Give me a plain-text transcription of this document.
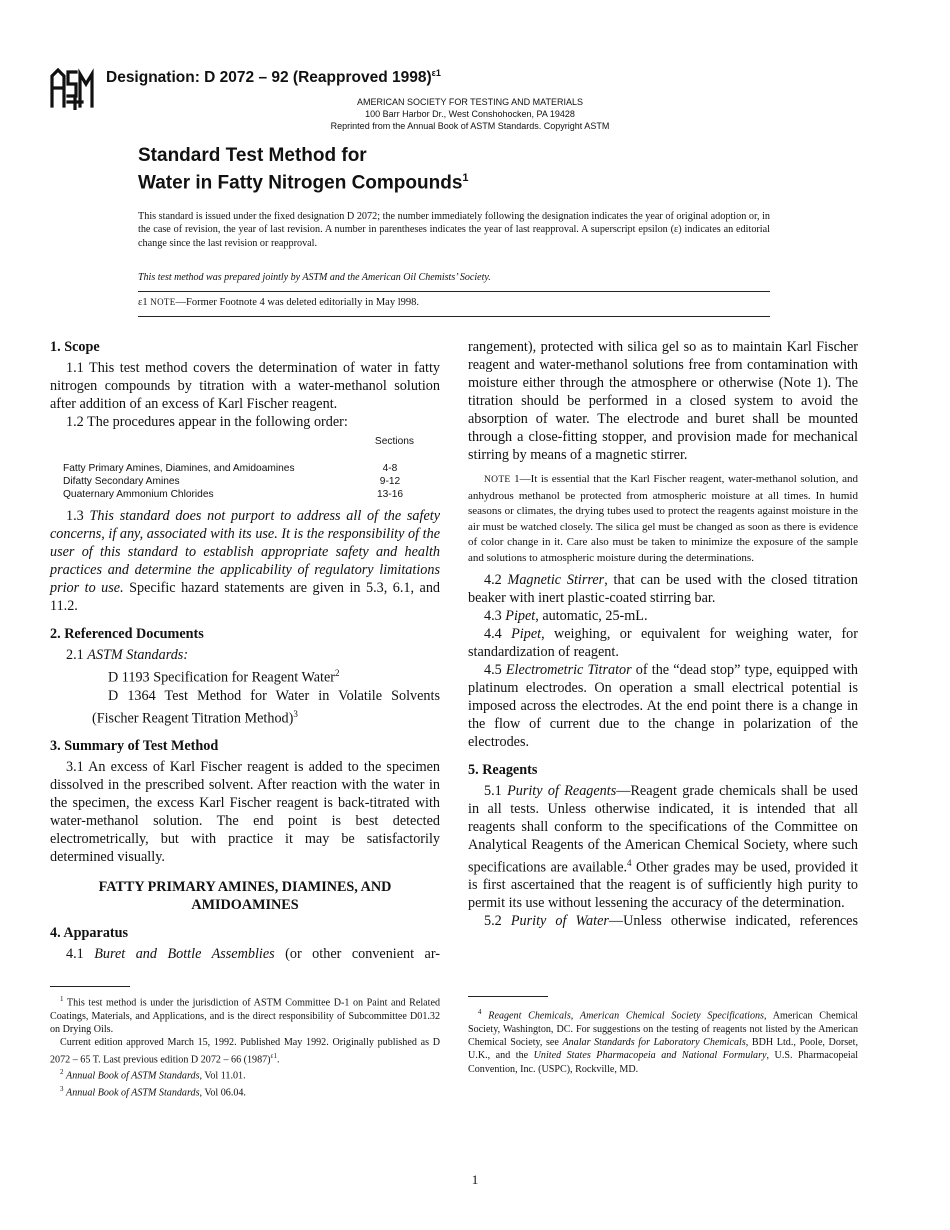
Designation: D 2072 – 92 (Reapproved 1998)$^{\varepsilon 1}$
AMERICAN SOCIETY FOR TESTING AND MATERIALS
100 Barr Harbor Dr., West Conshohocken, PA 19428
Reprinted from the Annual Book of ASTM Standards. Copyright ASTM
Standard Test Method for
Water in Fatty Nitrogen Compounds$^1$
This standard is issued under the fixed designation D 2072; the number immediately following the designation indicates the year of original adoption or, in the case of revision, the year of last revision. A number in parentheses indicates the year of last reapproval. A superscript epsilon (ε) indicates an editorial change since the last revision or reapproval.
This test method was prepared jointly by ASTM and the American Oil Chemists’ Society.
ε1 NOTE—Former Footnote 4 was deleted editorially in May l998.
1. Scope

1.1 This test method covers the determination of water in fatty nitrogen compounds by titration with a water-methanol solution after addition of an excess of Karl Fischer reagent.

1.2 The procedures appear in the following order:

Sections
Fatty Primary Amines, Diamines, and Amidoamines	4-8
Difatty Secondary Amines	9-12
Quaternary Ammonium Chlorides	13-16

1.3 This standard does not purport to address all of the safety concerns, if any, associated with its use. It is the responsibility of the user of this standard to establish appropriate safety and health practices and determine the applicability of regulatory limitations prior to use. Specific hazard statements are given in 5.3, 6.1, and 11.2.

2. Referenced Documents

2.1 ASTM Standards:

D 1193 Specification for Reagent Water$^2$

D 1364 Test Method for Water in Volatile Solvents (Fischer Reagent Titration Method)$^3$

3. Summary of Test Method

3.1 An excess of Karl Fischer reagent is added to the specimen dissolved in the prescribed solvent. After reaction with the water in the specimen, the excess Karl Fischer reagent is back-titrated with water-methanol solution. The end point is best detected electrometrically, but with practice it may be satisfactorily determined visually.

FATTY PRIMARY AMINES, DIAMINES, AND AMIDOAMINES
4. Apparatus

4.1 Buret and Bottle Assemblies (or other convenient ar-

rangement), protected with silica gel so as to maintain Karl Fischer reagent and water-methanol solutions free from contamination with moisture either through the atmosphere or otherwise (Note 1). The titration should be performed in a closed system to avoid the absorption of water. The electrode and buret shall be mounted through a close-fitting stopper, and provision made for mechanical stirring by means of a magnetic stirrer.

NOTE 1—It is essential that the Karl Fischer reagent, water-methanol solution, and anhydrous methanol be protected from atmospheric moisture at all times. In humid seasons or climates, the drying tubes used to protect the reagents against moisture in the air must be watched closely. The silica gel must be changed as soon as there is evidence of color change in it. Care also must be taken to minimize the exposure of the sample and solutions to atmospheric moisture during the determinations.

4.2 Magnetic Stirrer, that can be used with the closed titration beaker with inert plastic-coated stirring bar.

4.3 Pipet, automatic, 25-mL.

4.4 Pipet, weighing, or equivalent for weighing water, for standardization of reagent.

4.5 Electrometric Titrator of the “dead stop” type, equipped with platinum electrodes. On operation a small electrical potential is imposed across the electrodes. At the end point there is a change in the flow of current due to the change in polarization of the electrodes.

5. Reagents

5.1 Purity of Reagents—Reagent grade chemicals shall be used in all tests. Unless otherwise indicated, it is intended that all reagents shall conform to the specifications of the Committee on Analytical Reagents of the American Chemical Society, where such specifications are available.$^4$ Other grades may be used, provided it is first ascertained that the reagent is of sufficiently high purity to permit its use without lessening the accuracy of the determination.

5.2 Purity of Water—Unless otherwise indicated, references

$^1$ This test method is under the jurisdiction of ASTM Committee D-1 on Paint and Related Coatings, Materials, and Applications, and is the direct responsibility of Subcommittee D01.32 on Drying Oils.

Current edition approved March 15, 1992. Published May 1992. Originally published as D 2072 – 65 T. Last previous edition D 2072 – 66 $(1987)^{\varepsilon 1}$.

$^2$ Annual Book of ASTM Standards, Vol 11.01.

$^3$ Annual Book of ASTM Standards, Vol 06.04.

$^4$ Reagent Chemicals, American Chemical Society Specifications, American Chemical Society, Washington, DC. For suggestions on the testing of reagents not listed by the American Chemical Society, see Analar Standards for Laboratory Chemicals, BDH Ltd., Poole, Dorset, U.K., and the United States Pharmacopeia and National Formulary, U.S. Pharmacopeial Convention, Inc. (USPC), Rockville, MD.

1
